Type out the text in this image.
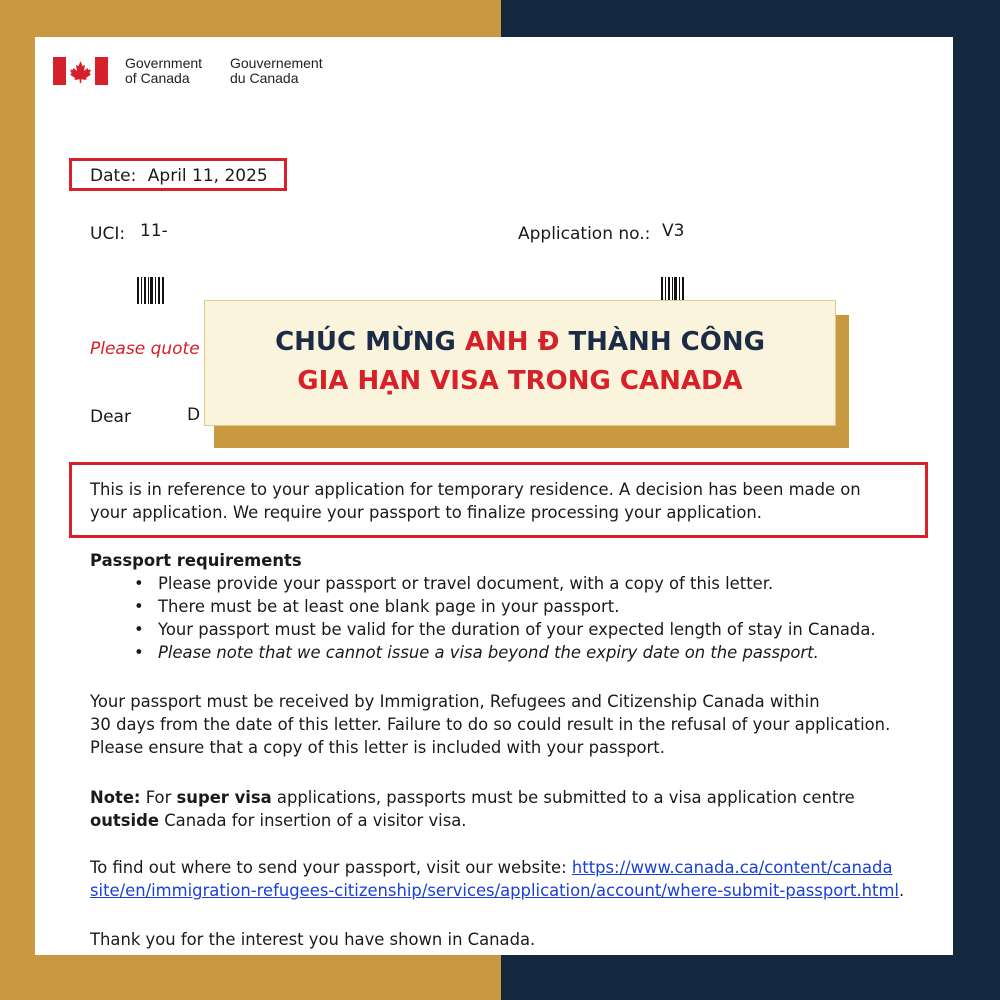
Government
of Canada
Gouvernement
du Canada
Date: April 11, 2025
UCI: 11-	Application no.: V3
Please quote
Dear	D
This is in reference to your application for temporary residence. A decision has been made on
your application. We require your passport to finalize processing your application.
Passport requirements
• Please provide your passport or travel document, with a copy of this letter.
• There must be at least one blank page in your passport.
• Your passport must be valid for the duration of your expected length of stay in Canada.
• Please note that we cannot issue a visa beyond the expiry date on the passport.
Your passport must be received by Immigration, Refugees and Citizenship Canada within
30 days from the date of this letter. Failure to do so could result in the refusal of your application.
Please ensure that a copy of this letter is included with your passport.
Note: For super visa applications, passports must be submitted to a visa application centre
outside Canada for insertion of a visitor visa.
To find out where to send your passport, visit our website: https://www.canada.ca/content/canada
site/en/immigration-refugees-citizenship/services/application/account/where-submit-passport.html.
Thank you for the interest you have shown in Canada.
CHÚC MỪNG ANH Đ THÀNH CÔNG
GIA HẠN VISA TRONG CANADA
